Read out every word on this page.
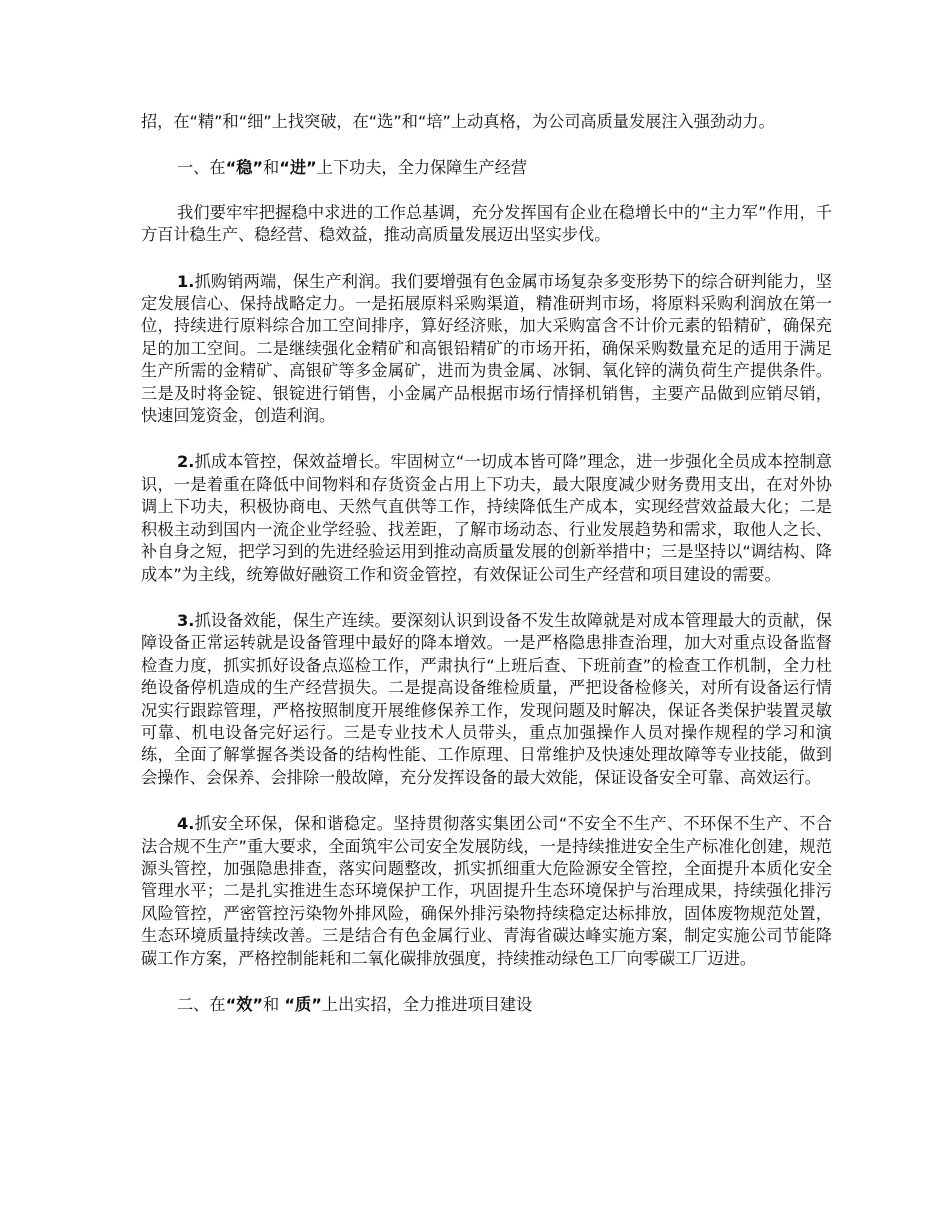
招，在“精”和“细”上找突破，在“选”和“培”上动真格，为公司高质量发展注入强劲动力。

一、在“稳”和“进”上下功夫，全力保障生产经营

我们要牢牢把握稳中求进的工作总基调，充分发挥国有企业在稳增长中的“主力军”作用，千方百计稳生产、稳经营、稳效益，推动高质量发展迈出坚实步伐。

1.抓购销两端，保生产利润。我们要增强有色金属市场复杂多变形势下的综合研判能力，坚定发展信心、保持战略定力。一是拓展原料采购渠道，精准研判市场，将原料采购利润放在第一位，持续进行原料综合加工空间排序，算好经济账，加大采购富含不计价元素的铅精矿，确保充足的加工空间。二是继续强化金精矿和高银铅精矿的市场开拓，确保采购数量充足的适用于满足生产所需的金精矿、高银矿等多金属矿，进而为贵金属、冰铜、氧化锌的满负荷生产提供条件。三是及时将金锭、银锭进行销售，小金属产品根据市场行情择机销售，主要产品做到应销尽销，快速回笼资金，创造利润。

2.抓成本管控，保效益增长。牢固树立“一切成本皆可降”理念，进一步强化全员成本控制意识，一是着重在降低中间物料和存货资金占用上下功夫，最大限度减少财务费用支出，在对外协调上下功夫，积极协商电、天然气直供等工作，持续降低生产成本，实现经营效益最大化；二是积极主动到国内一流企业学经验、找差距，了解市场动态、行业发展趋势和需求，取他人之长、补自身之短，把学习到的先进经验运用到推动高质量发展的创新举措中；三是坚持以“调结构、降成本”为主线，统筹做好融资工作和资金管控，有效保证公司生产经营和项目建设的需要。

3.抓设备效能，保生产连续。要深刻认识到设备不发生故障就是对成本管理最大的贡献，保障设备正常运转就是设备管理中最好的降本增效。一是严格隐患排查治理，加大对重点设备监督检查力度，抓实抓好设备点巡检工作，严肃执行“上班后查、下班前查”的检查工作机制，全力杜绝设备停机造成的生产经营损失。二是提高设备维检质量，严把设备检修关，对所有设备运行情况实行跟踪管理，严格按照制度开展维修保养工作，发现问题及时解决，保证各类保护装置灵敏可靠、机电设备完好运行。三是专业技术人员带头，重点加强操作人员对操作规程的学习和演练，全面了解掌握各类设备的结构性能、工作原理、日常维护及快速处理故障等专业技能，做到会操作、会保养、会排除一般故障，充分发挥设备的最大效能，保证设备安全可靠、高效运行。

4.抓安全环保，保和谐稳定。坚持贯彻落实集团公司“不安全不生产、不环保不生产、不合法合规不生产”重大要求，全面筑牢公司安全发展防线，一是持续推进安全生产标准化创建，规范源头管控，加强隐患排查，落实问题整改，抓实抓细重大危险源安全管控，全面提升本质化安全管理水平；二是扎实推进生态环境保护工作，巩固提升生态环境保护与治理成果，持续强化排污风险管控，严密管控污染物外排风险，确保外排污染物持续稳定达标排放，固体废物规范处置，生态环境质量持续改善。三是结合有色金属行业、青海省碳达峰实施方案，制定实施公司节能降碳工作方案，严格控制能耗和二氧化碳排放强度，持续推动绿色工厂向零碳工厂迈进。

二、在“效”和 “质”上出实招，全力推进项目建设
